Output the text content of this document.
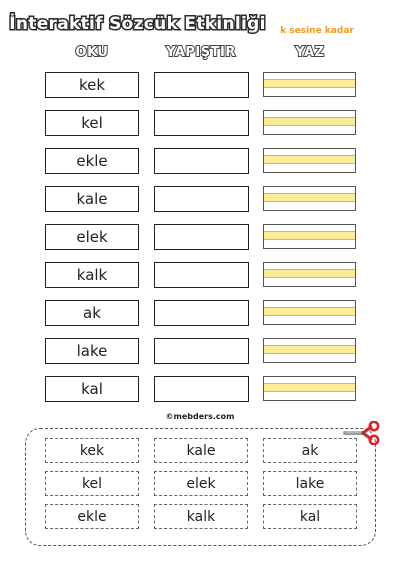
İnteraktif Sözcük Etkinliği	k sesine kadar
OKU	YAPIŞTIR	YAZ
kek
kel
ekle
kale
elek
kalk
ak
lake
kal
©mebders.com
kek	kale	ak
kel	elek	lake
ekle	kalk	kal
